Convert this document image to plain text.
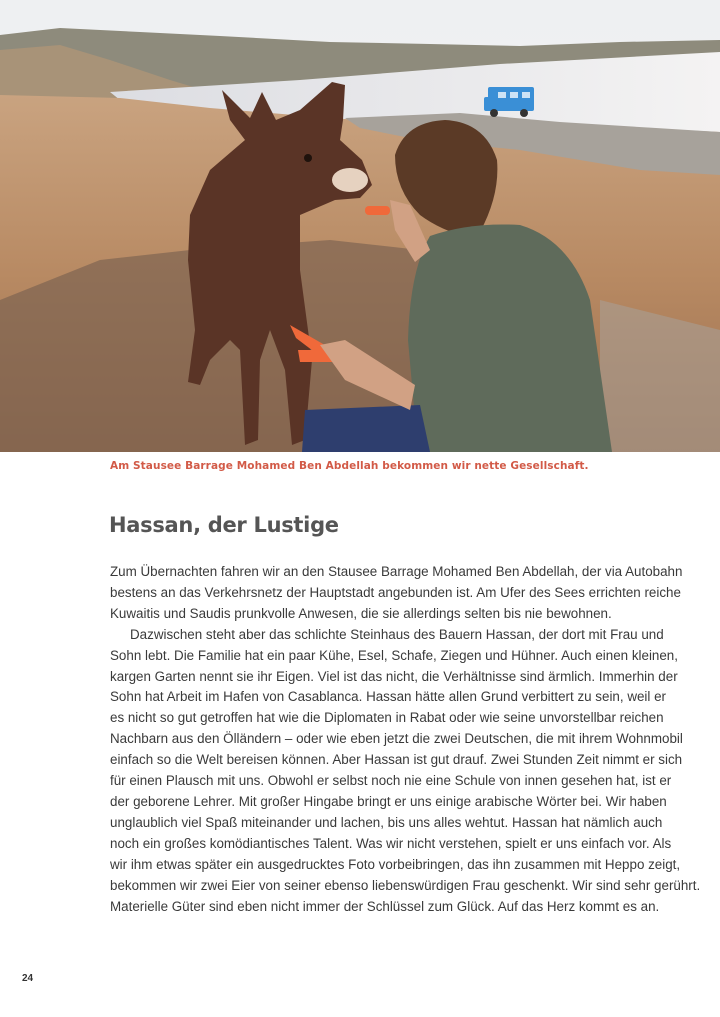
Am Stausee Barrage Mohamed Ben Abdellah bekommen wir nette Gesellschaft.
Hassan, der Lustige
Zum Übernachten fahren wir an den Stausee Barrage Mohamed Ben Abdellah, der via Autobahn
bestens an das Verkehrsnetz der Hauptstadt angebunden ist. Am Ufer des Sees errichten reiche
Kuwaitis und Saudis prunkvolle Anwesen, die sie allerdings selten bis nie bewohnen.
Dazwischen steht aber das schlichte Steinhaus des Bauern Hassan, der dort mit Frau und
Sohn lebt. Die Familie hat ein paar Kühe, Esel, Schafe, Ziegen und Hühner. Auch einen kleinen,
kargen Garten nennt sie ihr Eigen. Viel ist das nicht, die Verhältnisse sind ärmlich. Immerhin der
Sohn hat Arbeit im Hafen von Casablanca. Hassan hätte allen Grund verbittert zu sein, weil er
es nicht so gut getroffen hat wie die Diplomaten in Rabat oder wie seine unvorstellbar reichen
Nachbarn aus den Ölländern – oder wie eben jetzt die zwei Deutschen, die mit ihrem Wohnmobil
einfach so die Welt bereisen können. Aber Hassan ist gut drauf. Zwei Stunden Zeit nimmt er sich
für einen Plausch mit uns. Obwohl er selbst noch nie eine Schule von innen gesehen hat, ist er
der geborene Lehrer. Mit großer Hingabe bringt er uns einige arabische Wörter bei. Wir haben
unglaublich viel Spaß miteinander und lachen, bis uns alles wehtut. Hassan hat nämlich auch
noch ein großes komödiantisches Talent. Was wir nicht verstehen, spielt er uns einfach vor. Als
wir ihm etwas später ein ausgedrucktes Foto vorbeibringen, das ihn zusammen mit Heppo zeigt,
bekommen wir zwei Eier von seiner ebenso liebenswürdigen Frau geschenkt. Wir sind sehr gerührt.
Materielle Güter sind eben nicht immer der Schlüssel zum Glück. Auf das Herz kommt es an.
24
